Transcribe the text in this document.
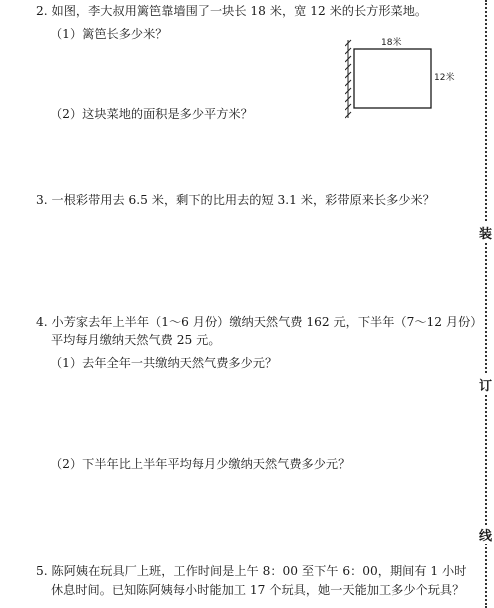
2. 如图，李大叔用篱笆靠墙围了一块长 18 米，宽 12 米的长方形菜地。
（1）篱笆长多少米？
18米
12米
（2）这块菜地的面积是多少平方米？
3. 一根彩带用去 6.5 米，剩下的比用去的短 3.1 米，彩带原来长多少米？
4. 小芳家去年上半年（1～6 月份）缴纳天然气费 162 元，下半年（7～12 月份）
平均每月缴纳天然气费 25 元。
（1）去年全年一共缴纳天然气费多少元？
（2）下半年比上半年平均每月少缴纳天然气费多少元？
5. 陈阿姨在玩具厂上班，工作时间是上午 8：00 至下午 6：00，期间有 1 小时
休息时间。已知陈阿姨每小时能加工 17 个玩具，她一天能加工多少个玩具？
装
订
线
